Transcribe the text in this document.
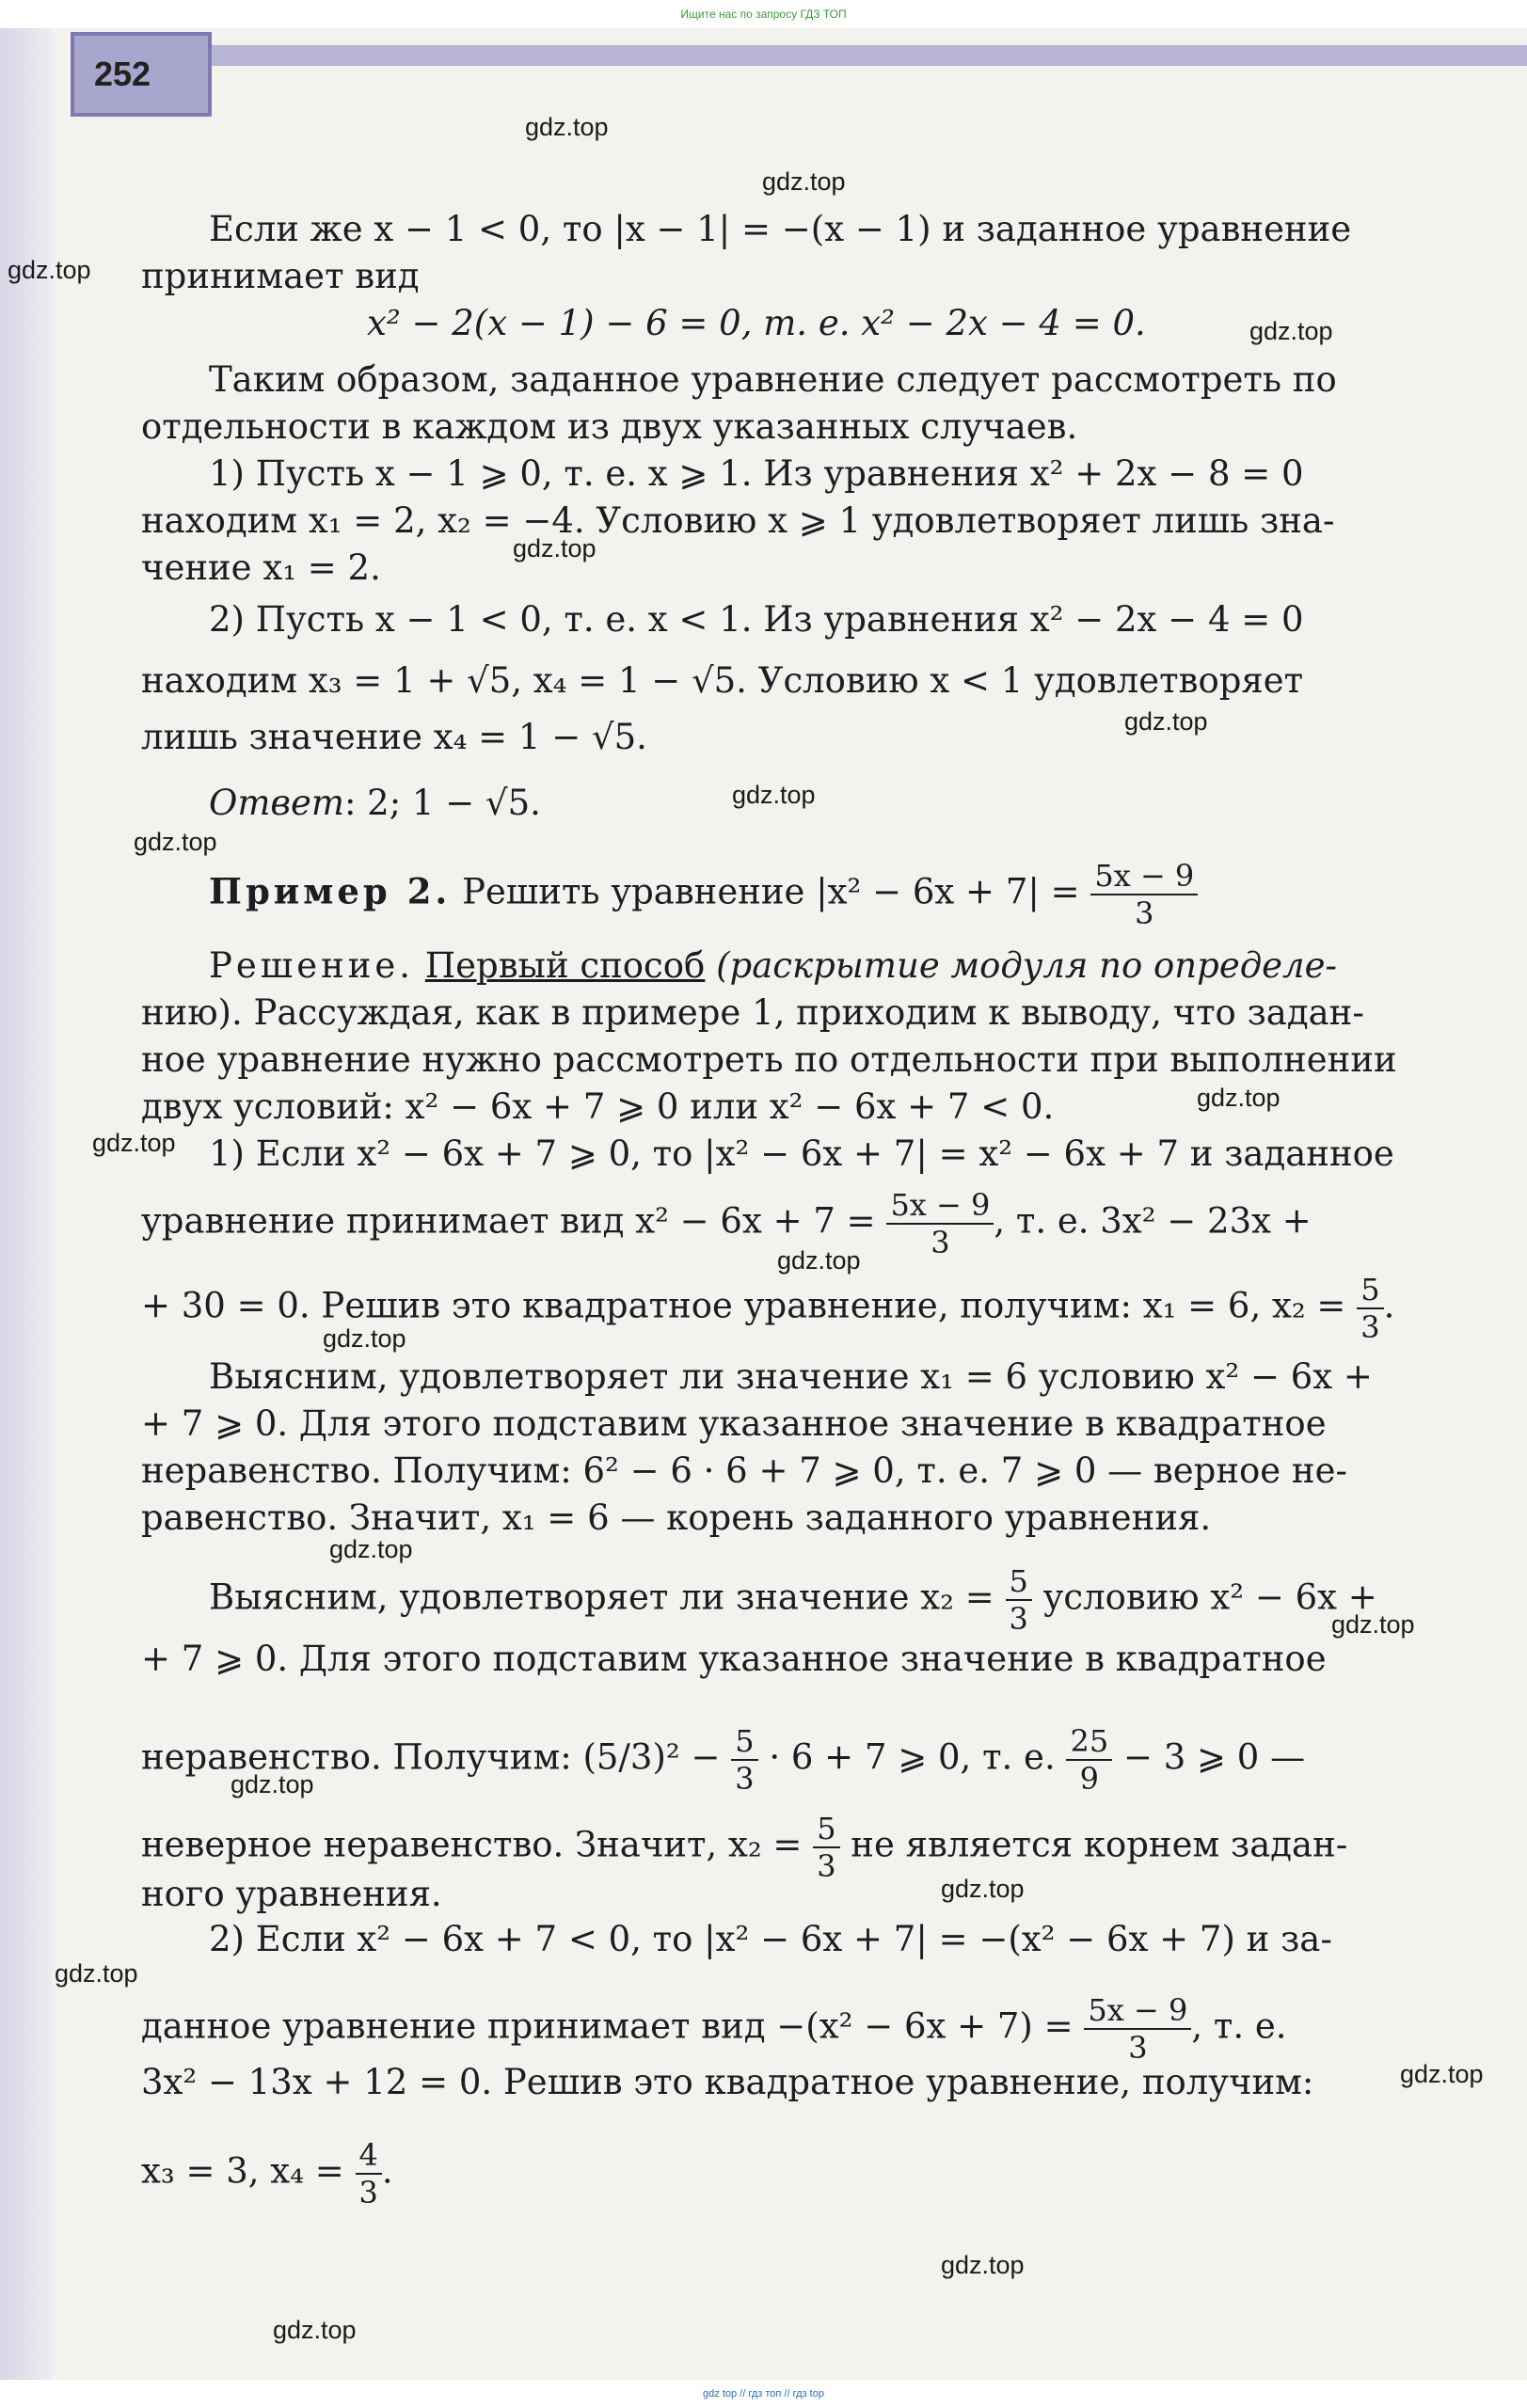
Ищите нас по запросу ГДЗ ТОП
252
Если же x − 1 < 0, то |x − 1| = −(x − 1) и заданное уравнение
принимает вид
x² − 2(x − 1) − 6 = 0, т. е. x² − 2x − 4 = 0.
Таким образом, заданное уравнение следует рассмотреть по
отдельности в каждом из двух указанных случаев.
1) Пусть x − 1 ⩾ 0, т. е. x ⩾ 1. Из уравнения x² + 2x − 8 = 0
находим x₁ = 2, x₂ = −4. Условию x ⩾ 1 удовлетворяет лишь зна-
чение x₁ = 2.
2) Пусть x − 1 < 0, т. е. x < 1. Из уравнения x² − 2x − 4 = 0
находим x₃ = 1 + √5, x₄ = 1 − √5. Условию x < 1 удовлетворяет
лишь значение x₄ = 1 − √5.
Ответ: 2; 1 − √5.
Пример 2. Решить уравнение $|x^2 - 6x + 7| = \frac{5x - 9}{3}$
Решение. Первый способ (раскрытие модуля по определе-
нию). Рассуждая, как в примере 1, приходим к выводу, что задан-
ное уравнение нужно рассмотреть по отдельности при выполнении
двух условий: x² − 6x + 7 ⩾ 0 или x² − 6x + 7 < 0.
1) Если x² − 6x + 7 ⩾ 0, то |x² − 6x + 7| = x² − 6x + 7 и заданное
уравнение принимает вид $x^2 - 6x + 7 = \frac{5x - 9}{3}$ , т. е. 3x² − 23x +
+ 30 = 0. Решив это квадратное уравнение, получим: x₁ = 6, $x_2 = \frac{5}{3}$ .
Выясним, удовлетворяет ли значение x₁ = 6 условию x² − 6x +
+ 7 ⩾ 0. Для этого подставим указанное значение в квадратное
неравенство. Получим: 6² − 6 · 6 + 7 ⩾ 0, т. е. 7 ⩾ 0 — верное не-
равенство. Значит, x₁ = 6 — корень заданного уравнения.
Выясним, удовлетворяет ли значение $x_2 = \frac{5}{3}$ условию x² − 6x +
+ 7 ⩾ 0. Для этого подставим указанное значение в квадратное
неравенство. Получим: $(5/3)^2 - \frac{5}{3} \cdot 6 + 7$ ⩾ 0, т. е. $\frac{25}{9} - 3$ ⩾ 0 —
неверное неравенство. Значит, $x_2 = \frac{5}{3}$ не является корнем задан-
ного уравнения.
2) Если x² − 6x + 7 < 0, то |x² − 6x + 7| = −(x² − 6x + 7) и за-
данное уравнение принимает вид $-(x^2 - 6x + 7) = \frac{5x - 9}{3}$ , т. е.
3x² − 13x + 12 = 0. Решив это квадратное уравнение, получим:
x₃ = 3, $x_4 = \frac{4}{3}$ .
gdz.top
gdz.top
gdz.top
gdz.top
gdz.top
gdz.top
gdz.top
gdz.top
gdz.top
gdz.top
gdz.top
gdz.top
gdz.top
gdz.top
gdz.top
gdz.top
gdz.top
gdz.top
gdz.top
gdz.top
gdz top // гдз топ // гдз top
